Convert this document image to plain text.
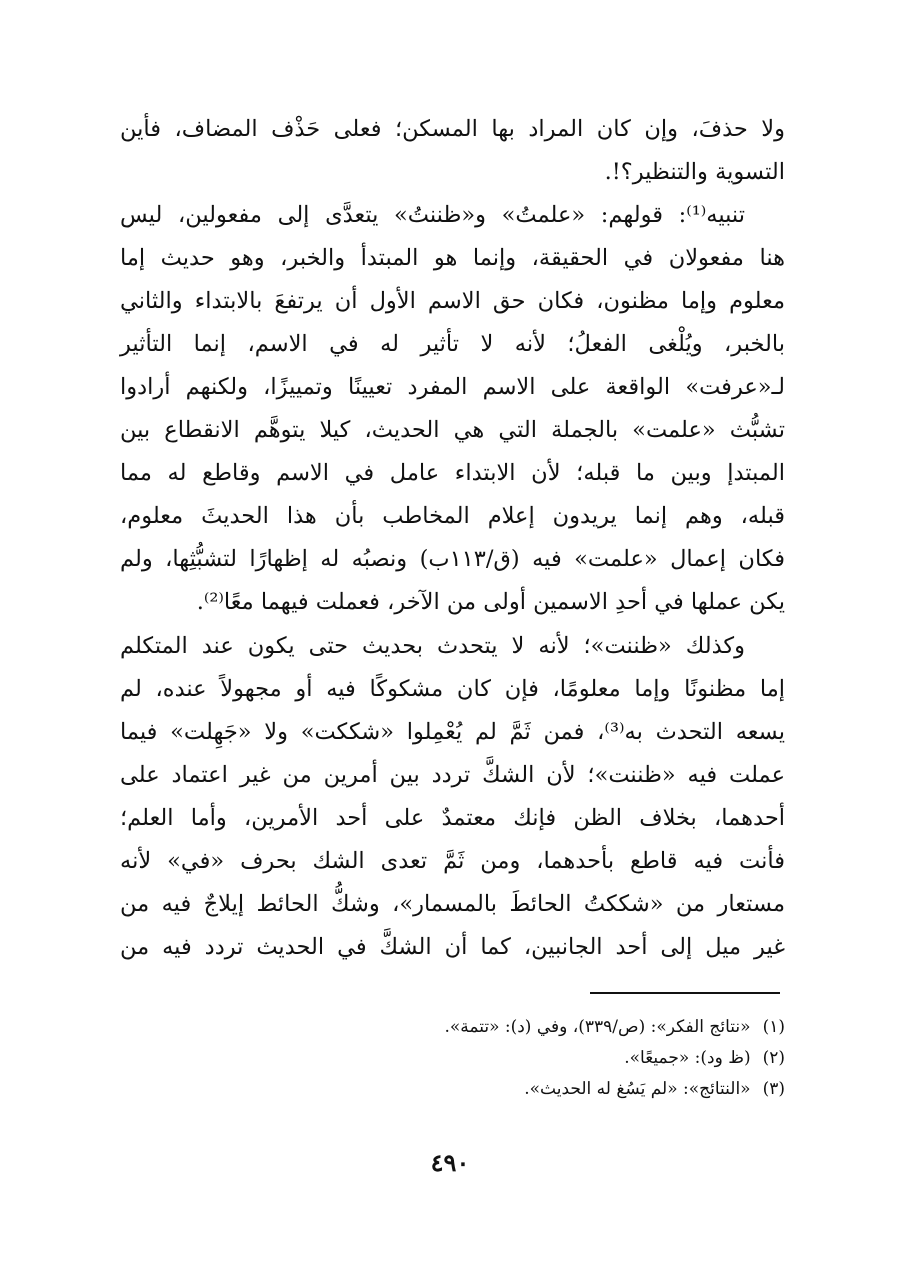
ولا حذفَ، وإن كان المراد بها المسكن؛ فعلى حَذْف المضاف، فأين
التسوية والتنظير؟!.
تنبيه⁽¹⁾: قولهم: «علمتُ» و«ظننتُ» يتعدَّى إلى مفعولين، ليس
هنا مفعولان في الحقيقة، وإنما هو المبتدأ والخبر، وهو حديث إما
معلوم وإما مظنون، فكان حق الاسم الأول أن يرتفعَ بالابتداء والثاني
بالخبر، ويُلْغى الفعلُ؛ لأنه لا تأثير له في الاسم، إنما التأثير
لـ«عرفت» الواقعة على الاسم المفرد تعيينًا وتمييزًا، ولكنهم أرادوا
تشبُّث «علمت» بالجملة التي هي الحديث، كيلا يتوهَّم الانقطاع بين
المبتدإ وبين ما قبله؛ لأن الابتداء عامل في الاسم وقاطع له مما
قبله، وهم إنما يريدون إعلام المخاطب بأن هذا الحديثَ معلوم،
فكان إعمال «علمت» فيه (ق/١١٣ب) ونصبُه له إظهارًا لتشبُّثِها، ولم
يكن عملها في أحدِ الاسمين أولى من الآخر، فعملت فيهما معًا⁽²⁾.
وكذلك «ظننت»؛ لأنه لا يتحدث بحديث حتى يكون عند المتكلم
إما مظنونًا وإما معلومًا، فإن كان مشكوكًا فيه أو مجهولاً عنده، لم
يسعه التحدث به⁽³⁾، فمن ثَمَّ لم يُعْمِلوا «شككت» ولا «جَهِلت» فيما
عملت فيه «ظننت»؛ لأن الشكَّ تردد بين أمرين من غير اعتماد على
أحدهما، بخلاف الظن فإنك معتمدٌ على أحد الأمرين، وأما العلم؛
فأنت فيه قاطع بأحدهما، ومن ثَمَّ تعدى الشك بحرف «في» لأنه
مستعار من «شككتُ الحائطَ بالمسمار»، وشكُّ الحائط إيلاجٌ فيه من
غير ميل إلى أحد الجانبين، كما أن الشكَّ في الحديث تردد فيه من
(١)«نتائج الفكر»: (ص/٣٣٩)، وفي (د): «تتمة».
(٢)(ظ ود): «جميعًا».
(٣)«النتائج»: «لم يَسُغ له الحديث».
٤٩٠
